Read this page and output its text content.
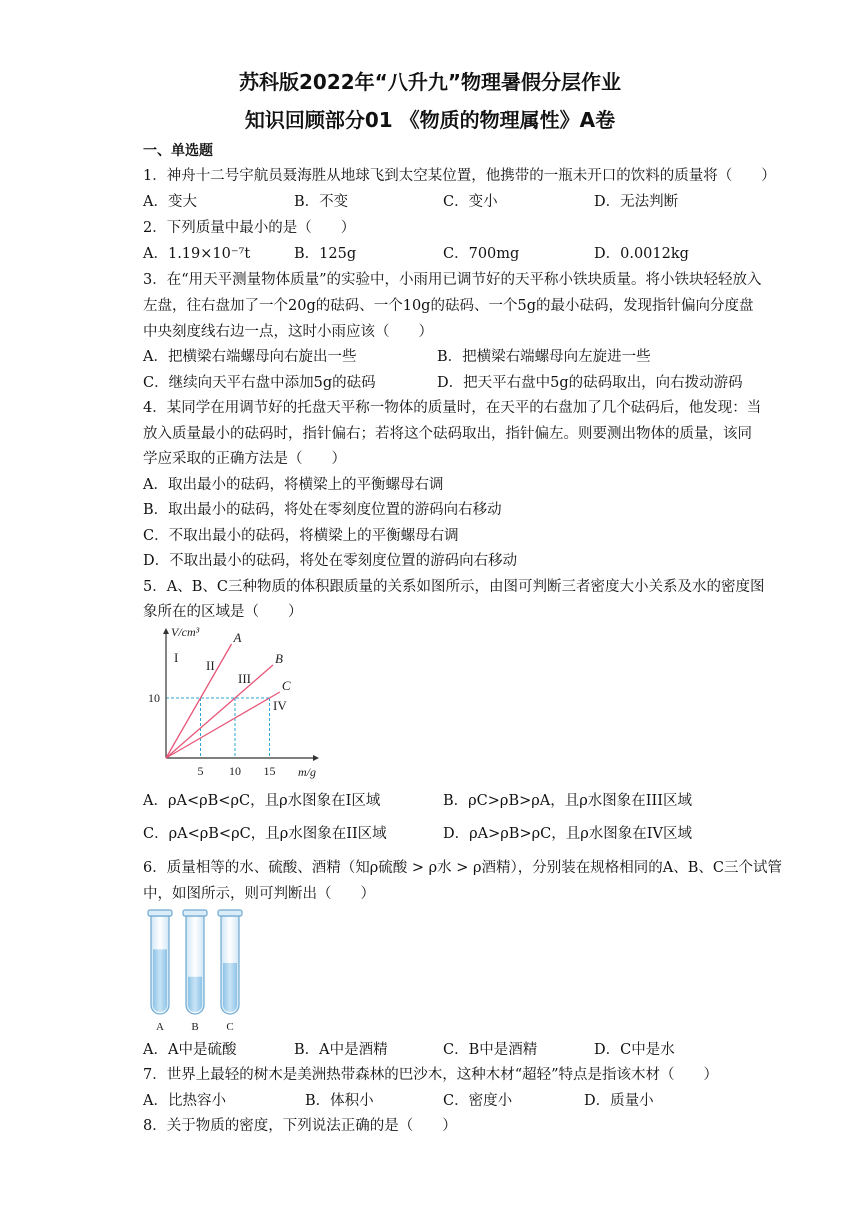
苏科版2022年“八升九”物理暑假分层作业
知识回顾部分01 《物质的物理属性》A卷
一、单选题
1．神舟十二号宇航员聂海胜从地球飞到太空某位置，他携带的一瓶未开口的饮料的质量将（　　）
A．变大	B．不变	C．变小	D．无法判断
2．下列质量中最小的是（　　）
A．1.19×10⁻⁷t	B．125g	C．700mg	D．0.0012kg
3．在“用天平测量物体质量”的实验中，小雨用已调节好的天平称小铁块质量。将小铁块轻轻放入
左盘，往右盘加了一个20g的砝码、一个10g的砝码、一个5g的最小砝码，发现指针偏向分度盘
中央刻度线右边一点，这时小雨应该（　　）
A．把横梁右端螺母向右旋出一些	B．把横梁右端螺母向左旋进一些
C．继续向天平右盘中添加5g的砝码	D．把天平右盘中5g的砝码取出，向右拨动游码
4．某同学在用调节好的托盘天平称一物体的质量时，在天平的右盘加了几个砝码后，他发现：当
放入质量最小的砝码时，指针偏右；若将这个砝码取出，指针偏左。则要测出物体的质量，该同
学应采取的正确方法是（　　）
A．取出最小的砝码，将横梁上的平衡螺母右调
B．取出最小的砝码，将处在零刻度位置的游码向右移动
C．不取出最小的砝码，将横梁上的平衡螺母右调
D．不取出最小的砝码，将处在零刻度位置的游码向右移动
5．A、B、C三种物质的体积跟质量的关系如图所示，由图可判断三者密度大小关系及水的密度图
象所在的区域是（　　）
A
B
C
5 10 15
10
V/cm³
m/g
I
II
III
IV
A．ρA<ρB<ρC，且ρ水图象在I区域	B．ρC>ρB>ρA，且ρ水图象在III区域
C．ρA<ρB<ρC，且ρ水图象在II区域	D．ρA>ρB>ρC，且ρ水图象在IV区域
6．质量相等的水、硫酸、酒精（知ρ硫酸 > ρ水 > ρ酒精），分别装在规格相同的A、B、C三个试管
中，如图所示，则可判断出（　　）
A B	C
A．A中是硫酸	B．A中是酒精	C．B中是酒精	D．C中是水
7．世界上最轻的树木是美洲热带森林的巴沙木，这种木材“超轻”特点是指该木材（　　）
A．比热容小	B．体积小	C．密度小	D．质量小
8．关于物质的密度，下列说法正确的是（　　）
